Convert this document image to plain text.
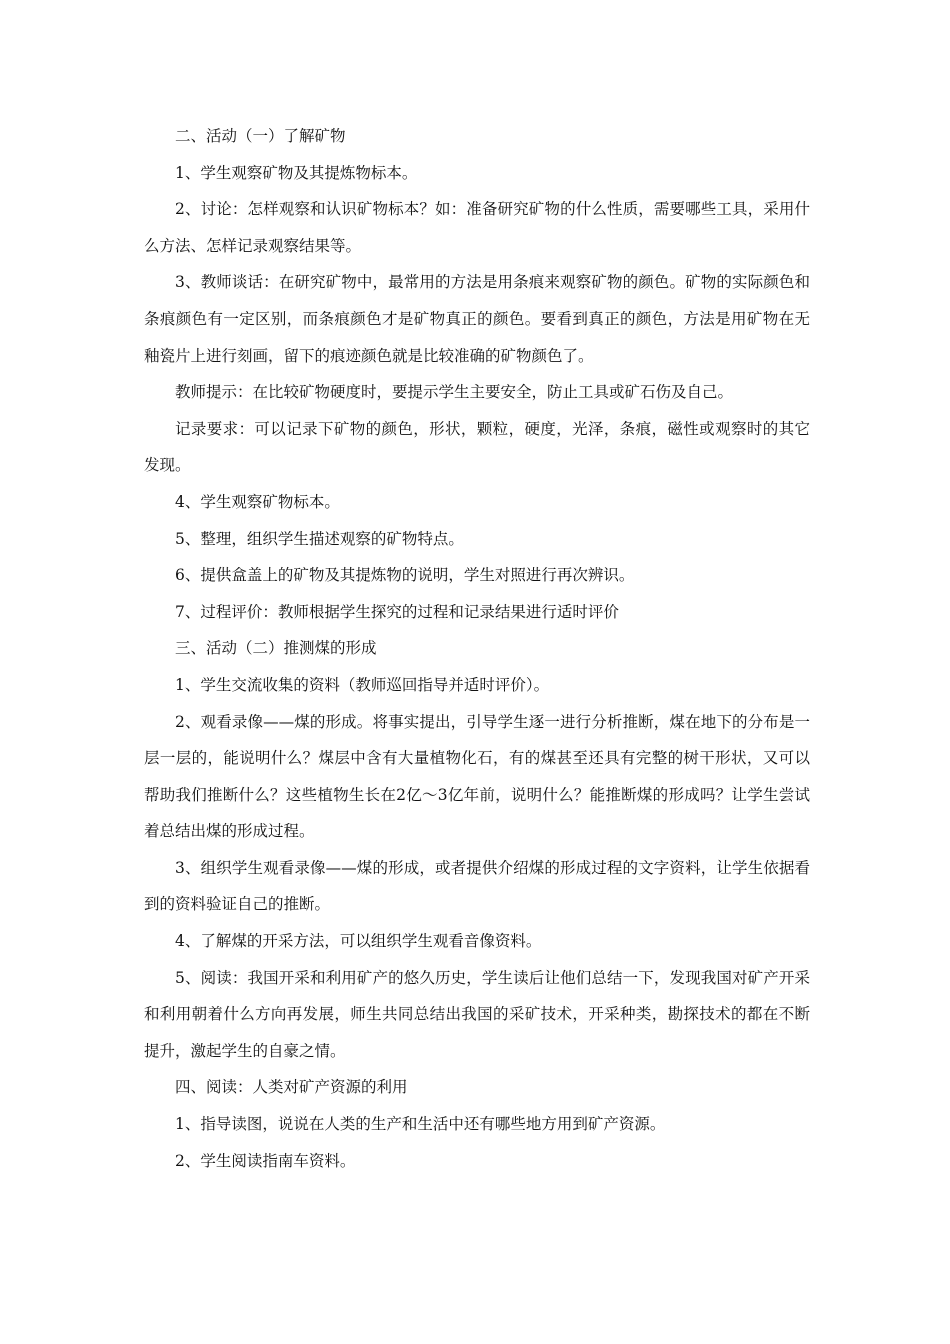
二、活动（一）了解矿物

1、学生观察矿物及其提炼物标本。

2、讨论：怎样观察和认识矿物标本？如：准备研究矿物的什么性质，需要哪些工具，采用什么方法、怎样记录观察结果等。

3、教师谈话：在研究矿物中，最常用的方法是用条痕来观察矿物的颜色。矿物的实际颜色和条痕颜色有一定区别，而条痕颜色才是矿物真正的颜色。要看到真正的颜色，方法是用矿物在无釉瓷片上进行刻画，留下的痕迹颜色就是比较准确的矿物颜色了。

教师提示：在比较矿物硬度时，要提示学生主要安全，防止工具或矿石伤及自己。

记录要求：可以记录下矿物的颜色，形状，颗粒，硬度，光泽，条痕，磁性或观察时的其它发现。

4、学生观察矿物标本。

5、整理，组织学生描述观察的矿物特点。

6、提供盒盖上的矿物及其提炼物的说明，学生对照进行再次辨识。

7、过程评价：教师根据学生探究的过程和记录结果进行适时评价

三、活动（二）推测煤的形成

1、学生交流收集的资料（教师巡回指导并适时评价）。

2、观看录像——煤的形成。将事实提出，引导学生逐一进行分析推断，煤在地下的分布是一层一层的，能说明什么？煤层中含有大量植物化石，有的煤甚至还具有完整的树干形状，又可以帮助我们推断什么？这些植物生长在2亿～3亿年前，说明什么？能推断煤的形成吗？让学生尝试着总结出煤的形成过程。

3、组织学生观看录像——煤的形成，或者提供介绍煤的形成过程的文字资料，让学生依据看到的资料验证自己的推断。

4、了解煤的开采方法，可以组织学生观看音像资料。

5、阅读：我国开采和利用矿产的悠久历史，学生读后让他们总结一下，发现我国对矿产开采和利用朝着什么方向再发展，师生共同总结出我国的采矿技术，开采种类，勘探技术的都在不断提升，激起学生的自豪之情。

四、阅读：人类对矿产资源的利用

1、指导读图，说说在人类的生产和生活中还有哪些地方用到矿产资源。

2、学生阅读指南车资料。
